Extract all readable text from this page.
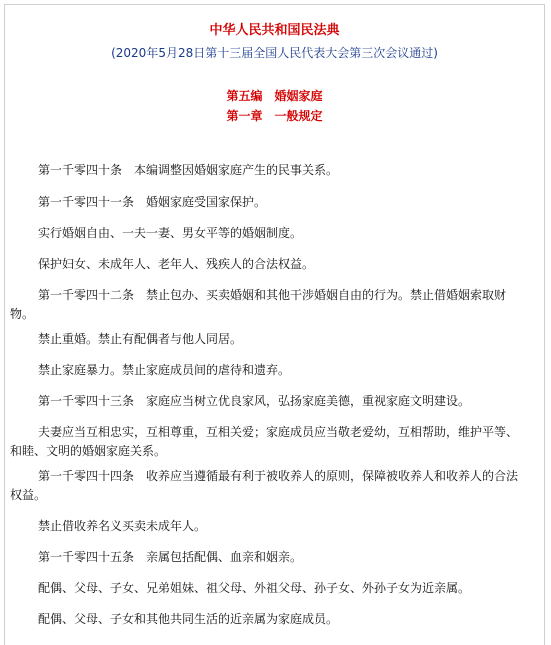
中华人民共和国民法典
(2020年5月28日第十三届全国人民代表大会第三次会议通过)
第五编　婚姻家庭
第一章　一般规定
第一千零四十条　本编调整因婚姻家庭产生的民事关系。
第一千零四十一条　婚姻家庭受国家保护。
实行婚姻自由、一夫一妻、男女平等的婚姻制度。
保护妇女、未成年人、老年人、残疾人的合法权益。
第一千零四十二条　禁止包办、买卖婚姻和其他干涉婚姻自由的行为。禁止借婚姻索取财物。
禁止重婚。禁止有配偶者与他人同居。
禁止家庭暴力。禁止家庭成员间的虐待和遗弃。
第一千零四十三条　家庭应当树立优良家风，弘扬家庭美德，重视家庭文明建设。
夫妻应当互相忠实，互相尊重，互相关爱；家庭成员应当敬老爱幼，互相帮助，维护平等、和睦、文明的婚姻家庭关系。
第一千零四十四条　收养应当遵循最有利于被收养人的原则，保障被收养人和收养人的合法权益。
禁止借收养名义买卖未成年人。
第一千零四十五条　亲属包括配偶、血亲和姻亲。
配偶、父母、子女、兄弟姐妹、祖父母、外祖父母、孙子女、外孙子女为近亲属。
配偶、父母、子女和其他共同生活的近亲属为家庭成员。
